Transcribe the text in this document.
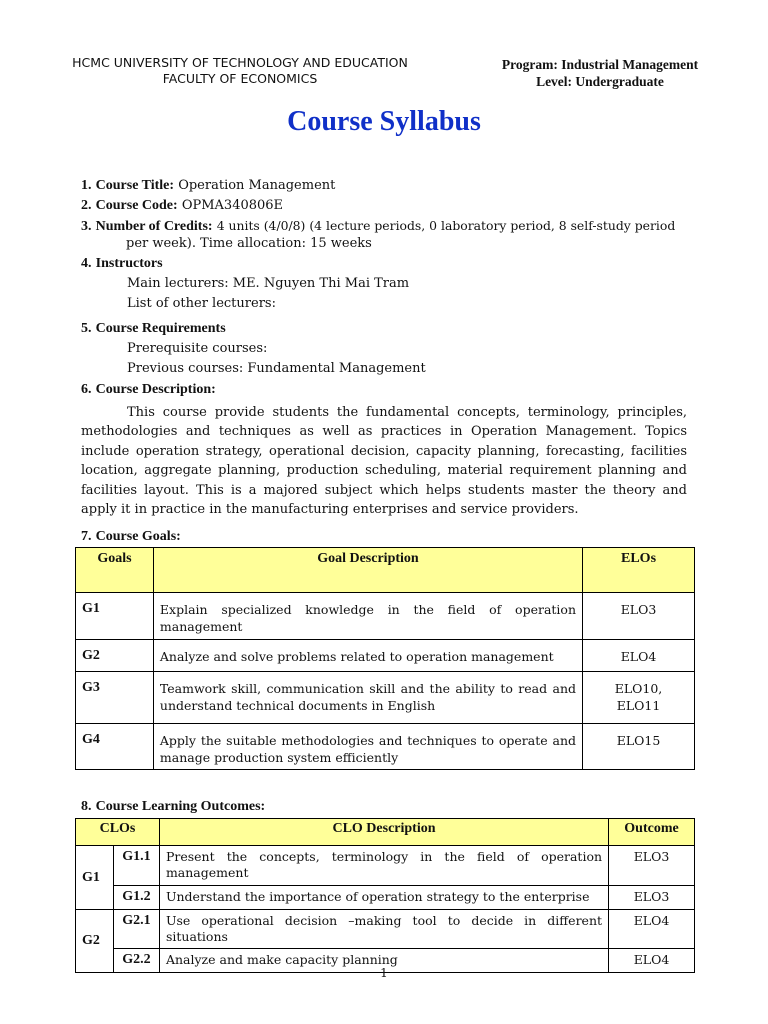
HCMC UNIVERSITY OF TECHNOLOGY AND EDUCATION
FACULTY OF ECONOMICS
Program: Industrial Management
Level: Undergraduate
Course Syllabus
1. Course Title: Operation Management
2. Course Code: OPMA340806E
3. Number of Credits: 4 units (4/0/8) (4 lecture periods, 0 laboratory period, 8 self-study period
per week). Time allocation: 15 weeks
4. Instructors
Main lecturers: ME. Nguyen Thi Mai Tram
List of other lecturers:
5. Course Requirements
Prerequisite courses:
Previous courses: Fundamental Management
6. Course Description:
This course provide students the fundamental concepts, terminology, principles, methodologies and techniques as well as practices in Operation Management. Topics include operation strategy, operational decision, capacity planning, forecasting, facilities location, aggregate planning, production scheduling, material requirement planning and facilities layout. This is a majored subject which helps students master the theory and apply it in practice in the manufacturing enterprises and service providers.
7. Course Goals:
Goals	Goal Description	ELOs
G1	Explain specialized knowledge in the field of operation management	ELO3
G2	Analyze and solve problems related to operation management	ELO4
G3	Teamwork skill, communication skill and the ability to read and understand technical documents in English	ELO10, ELO11
G4	Apply the suitable methodologies and techniques to operate and manage production system efficiently	ELO15
8. Course Learning Outcomes:
CLOs		CLO Description	Outcome
G1	G1.1	Present the concepts, terminology in the field of operation management	ELO3
	G1.2	Understand the importance of operation strategy to the enterprise	ELO3
G2	G2.1	Use operational decision –making tool to decide in different situations	ELO4
	G2.2	Analyze and make capacity planning	ELO4
1
